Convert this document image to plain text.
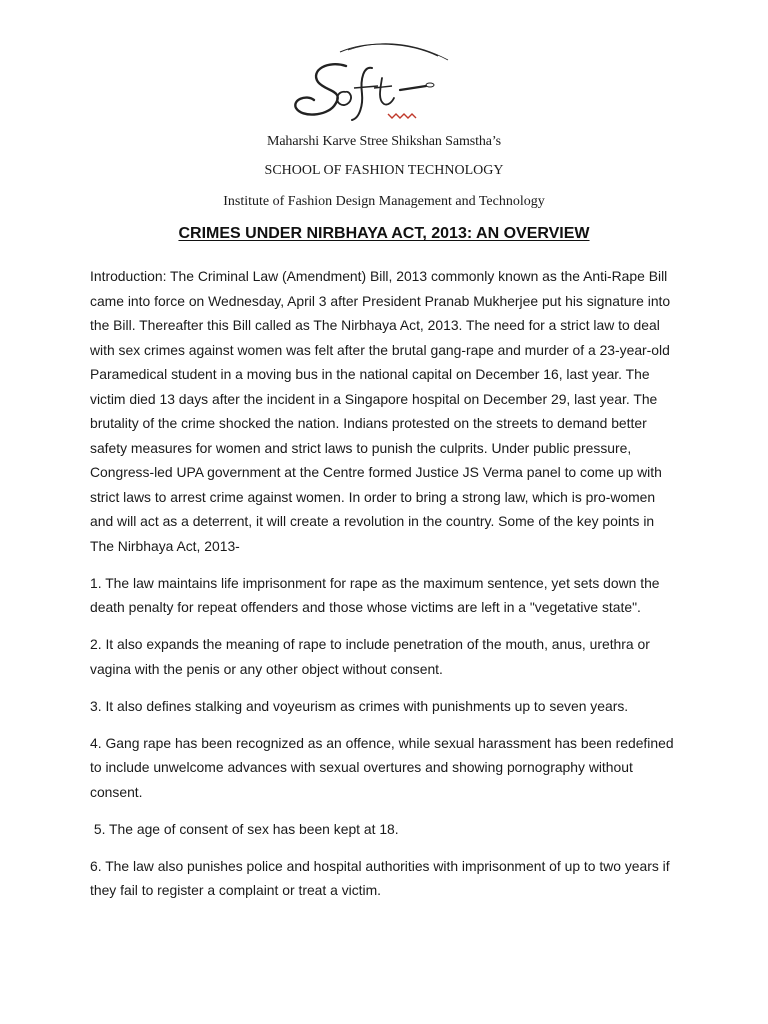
Maharshi Karve Stree Shikshan Samstha’s
SCHOOL OF FASHION TECHNOLOGY
Institute of Fashion Design Management and Technology
CRIMES UNDER NIRBHAYA ACT, 2013: AN OVERVIEW

Introduction: The Criminal Law (Amendment) Bill, 2013 commonly known as the Anti-Rape Bill came into force on Wednesday, April 3 after President Pranab Mukherjee put his signature into the Bill. Thereafter this Bill called as The Nirbhaya Act, 2013. The need for a strict law to deal with sex crimes against women was felt after the brutal gang-rape and murder of a 23-year-old Paramedical student in a moving bus in the national capital on December 16, last year. The victim died 13 days after the incident in a Singapore hospital on December 29, last year. The brutality of the crime shocked the nation. Indians protested on the streets to demand better safety measures for women and strict laws to punish the culprits. Under public pressure, Congress-led UPA government at the Centre formed Justice JS Verma panel to come up with strict laws to arrest crime against women. In order to bring a strong law, which is pro-women and will act as a deterrent, it will create a revolution in the country. Some of the key points in The Nirbhaya Act, 2013-

1. The law maintains life imprisonment for rape as the maximum sentence, yet sets down the death penalty for repeat offenders and those whose victims are left in a "vegetative state".

2. It also expands the meaning of rape to include penetration of the mouth, anus, urethra or vagina with the penis or any other object without consent.

3. It also defines stalking and voyeurism as crimes with punishments up to seven years.

4. Gang rape has been recognized as an offence, while sexual harassment has been redefined to include unwelcome advances with sexual overtures and showing pornography without consent.

5. The age of consent of sex has been kept at 18.

6. The law also punishes police and hospital authorities with imprisonment of up to two years if they fail to register a complaint or treat a victim.
